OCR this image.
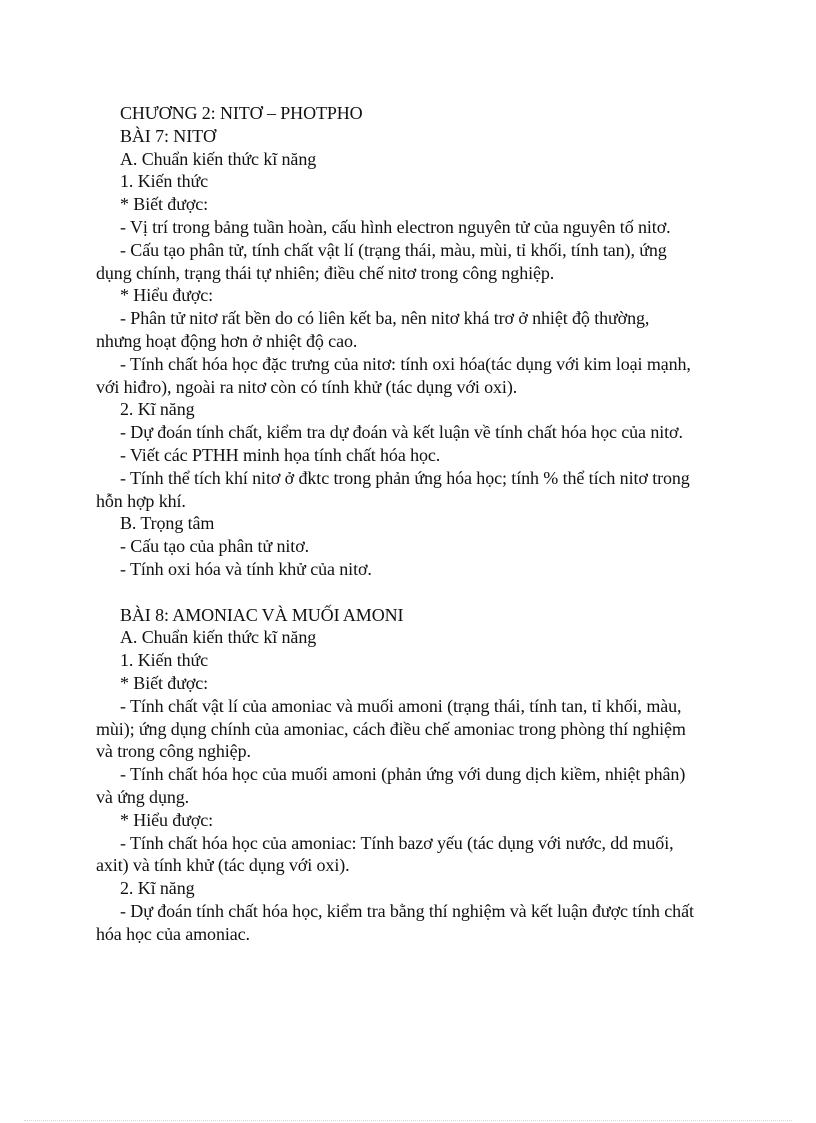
CHƯƠNG 2: NITƠ – PHOTPHO

BÀI 7: NITƠ

A. Chuẩn kiến thức kĩ năng

1. Kiến thức

* Biết được:

- Vị trí trong bảng tuần hoàn, cấu hình electron nguyên tử của nguyên tố nitơ.

- Cấu tạo phân tử, tính chất vật lí (trạng thái, màu, mùi, tỉ khối, tính tan), ứng dụng chính, trạng thái tự nhiên; điều chế nitơ trong công nghiệp.

* Hiểu được:

- Phân tử nitơ rất bền do có liên kết ba, nên nitơ khá trơ ở nhiệt độ thường, nhưng hoạt động hơn ở nhiệt độ cao.

- Tính chất hóa học đặc trưng của nitơ: tính oxi hóa(tác dụng với kim loại mạnh, với hiđro), ngoài ra nitơ còn có tính khử (tác dụng với oxi).

2. Kĩ năng

- Dự đoán tính chất, kiểm tra dự đoán và kết luận về tính chất hóa học của nitơ.

- Viết các PTHH minh họa tính chất hóa học.

- Tính thể tích khí nitơ ở đktc trong phản ứng hóa học; tính % thể tích nitơ trong hỗn hợp khí.

B. Trọng tâm

- Cấu tạo của phân tử nitơ.

- Tính oxi hóa và tính khử của nitơ.

BÀI 8: AMONIAC VÀ MUỐI AMONI

A. Chuẩn kiến thức kĩ năng

1. Kiến thức

* Biết được:

- Tính chất vật lí của amoniac và muối amoni (trạng thái, tính tan, tỉ khối, màu, mùi); ứng dụng chính của amoniac, cách điều chế amoniac trong phòng thí nghiệm và trong công nghiệp.

- Tính chất hóa học của muối amoni (phản ứng với dung dịch kiềm, nhiệt phân) và ứng dụng.

* Hiểu được:

- Tính chất hóa học của amoniac: Tính bazơ yếu (tác dụng với nước, dd muối, axit) và tính khử (tác dụng với oxi).

2. Kĩ năng

- Dự đoán tính chất hóa học, kiểm tra bằng thí nghiệm và kết luận được tính chất hóa học của amoniac.
